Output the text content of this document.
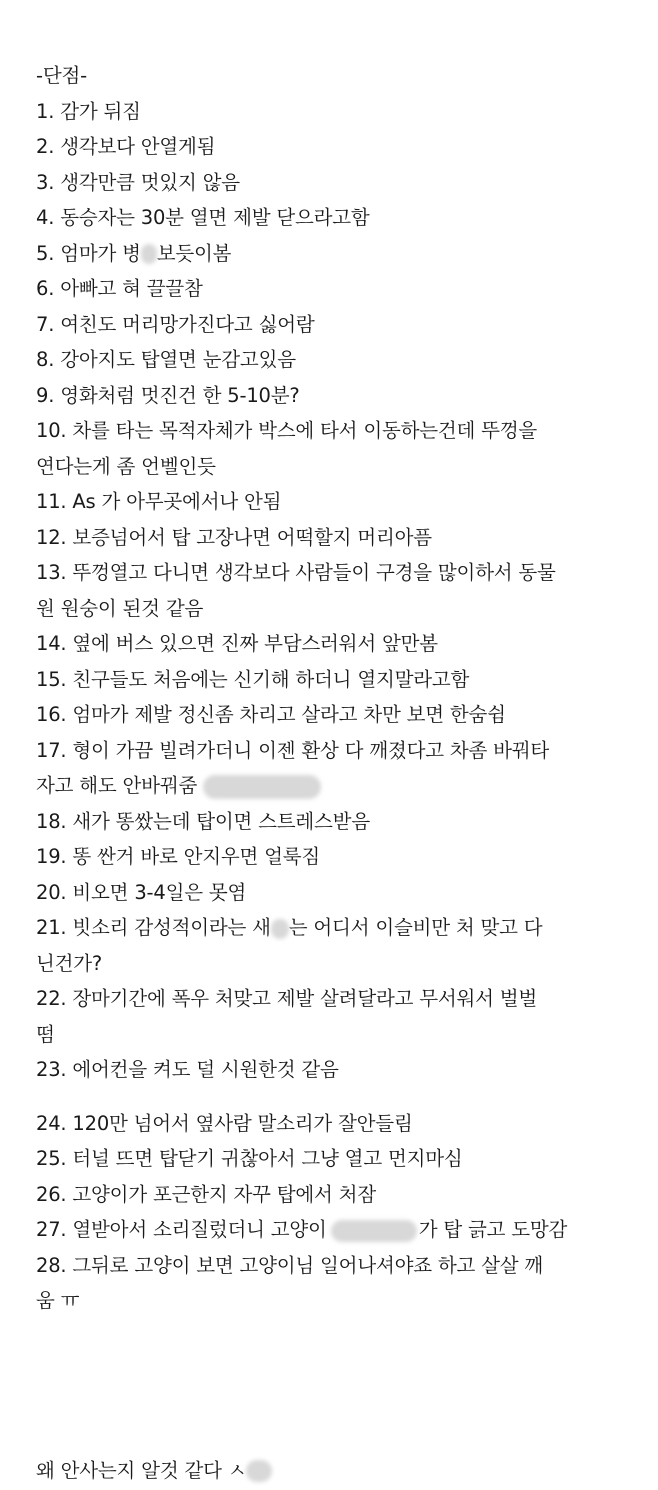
-단점-
1. 감가 뒤짐
2. 생각보다 안열게됨
3. 생각만큼 멋있지 않음
4. 동승자는 30분 열면 제발 닫으라고함
5. 엄마가 병 보듯이봄
6. 아빠고 혀 끌끌참
7. 여친도 머리망가진다고 싫어람
8. 강아지도 탑열면 눈감고있음
9. 영화처럼 멋진건 한 5-10분?
10. 차를 타는 목적자체가 박스에 타서 이동하는건데 뚜껑을
연다는게 좀 언벨인듯
11. As 가 아무곳에서나 안됨
12. 보증넘어서 탑 고장나면 어떡할지 머리아픔
13. 뚜껑열고 다니면 생각보다 사람들이 구경을 많이하서 동물
원 원숭이 된것 같음
14. 옆에 버스 있으면 진짜 부담스러워서 앞만봄
15. 친구들도 처음에는 신기해 하더니 열지말라고함
16. 엄마가 제발 정신좀 차리고 살라고 차만 보면 한숨쉼
17. 형이 가끔 빌려가더니 이젠 환상 다 깨졌다고 차좀 바꿔타
자고 해도 안바꿔줌
18. 새가 똥쌌는데 탑이면 스트레스받음
19. 똥 싼거 바로 안지우면 얼룩짐
20. 비오면 3-4일은 못염
21. 빗소리 감성적이라는 새 는 어디서 이슬비만 처 맞고 다
닌건가?
22. 장마기간에 폭우 처맞고 제발 살려달라고 무서워서 벌벌
떰
23. 에어컨을 켜도 덜 시원한것 같음
24. 120만 넘어서 옆사람 말소리가 잘안들림
25. 터널 뜨면 탑닫기 귀찮아서 그냥 열고 먼지마심
26. 고양이가 포근한지 자꾸 탑에서 처잠
27. 열받아서 소리질렀더니 고양이	가 탑 긁고 도망감
28. 그뒤로 고양이 보면 고양이님 일어나셔야죠 하고 살살 깨
움 ㅠ
왜 안사는지 알것 같다 ㅅ
